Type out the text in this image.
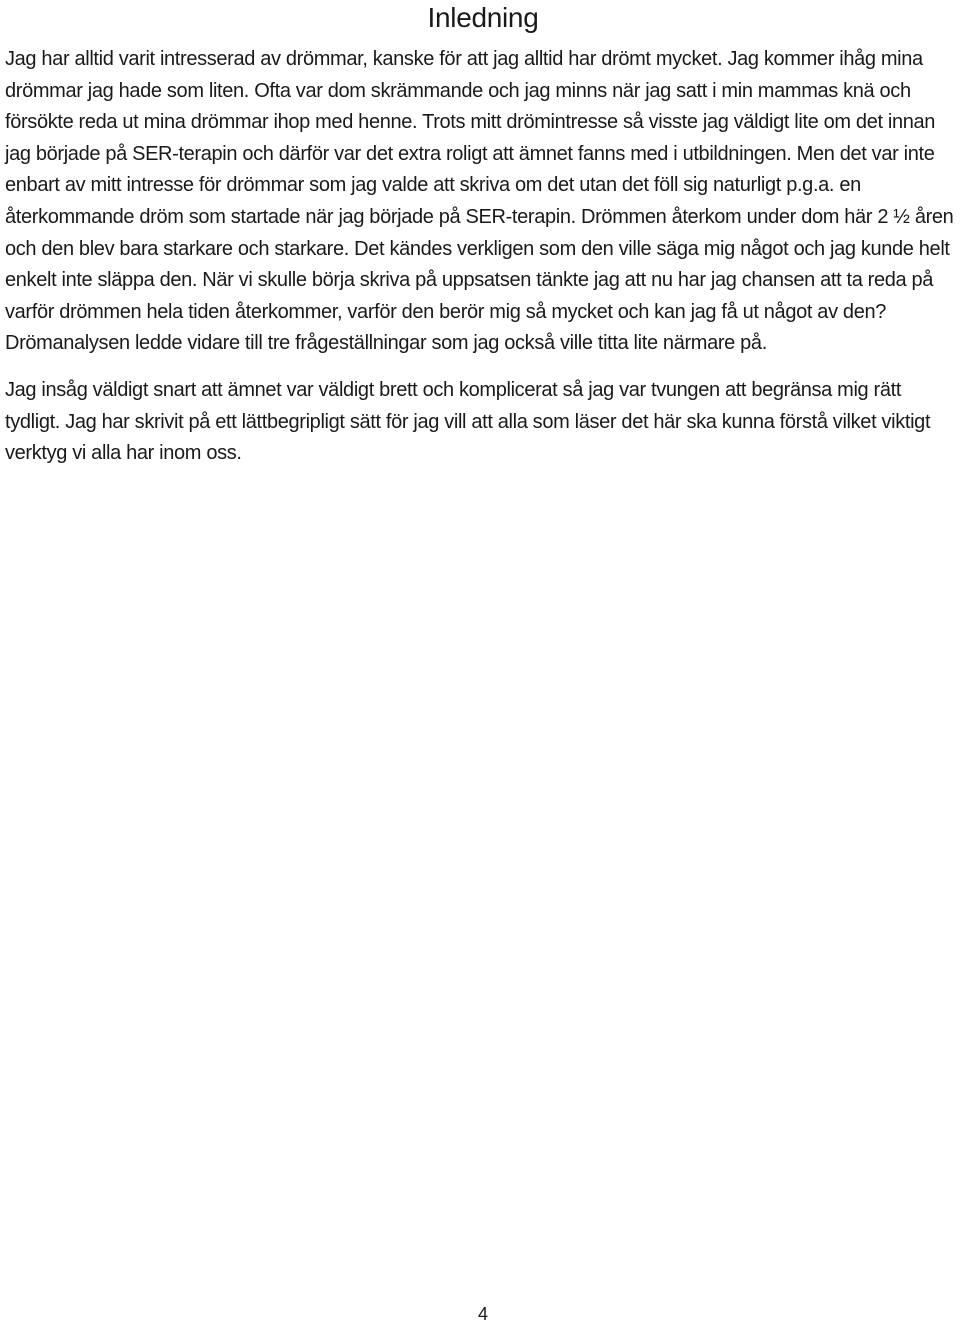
Inledning

Jag har alltid varit intresserad av drömmar, kanske för att jag alltid har drömt mycket. Jag kommer ihåg mina drömmar jag hade som liten. Ofta var dom skrämmande och jag minns när jag satt i min mammas knä och försökte reda ut mina drömmar ihop med henne. Trots mitt drömintresse så visste jag väldigt lite om det innan jag började på SER-terapin och därför var det extra roligt att ämnet fanns med i utbildningen. Men det var inte enbart av mitt intresse för drömmar som jag valde att skriva om det utan det föll sig naturligt p.g.a. en återkommande dröm som startade när jag började på SER-terapin. Drömmen återkom under dom här 2 ½ åren och den blev bara starkare och starkare. Det kändes verkligen som den ville säga mig något och jag kunde helt enkelt inte släppa den. När vi skulle börja skriva på uppsatsen tänkte jag att nu har jag chansen att ta reda på varför drömmen hela tiden återkommer, varför den berör mig så mycket och kan jag få ut något av den? Drömanalysen ledde vidare till tre frågeställningar som jag också ville titta lite närmare på.

Jag insåg väldigt snart att ämnet var väldigt brett och komplicerat så jag var tvungen att begränsa mig rätt tydligt. Jag har skrivit på ett lättbegripligt sätt för jag vill att alla som läser det här ska kunna förstå vilket viktigt verktyg vi alla har inom oss.

4
